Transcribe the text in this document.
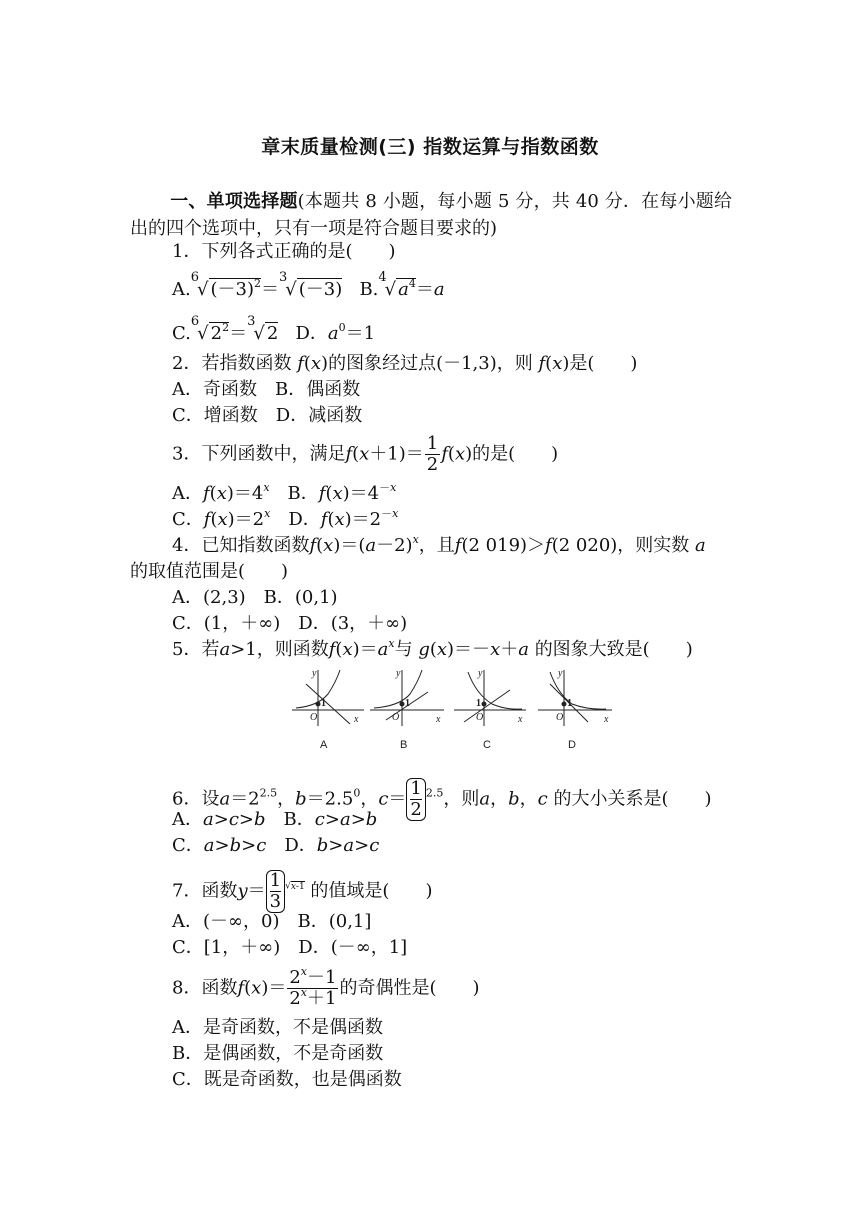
章末质量检测(三) 指数运算与指数函数
一、单项选择题(本题共 8 小题，每小题 5 分，共 40 分．在每小题给出的四个选项中，只有一项是符合题目要求的)
1．下列各式正确的是(　　)
A.$^6$√ $(-3)^2=^3√$ (－3) B.$^4$√ $a^4=a$
C.$^6$√ $2^2=^3√$ 2 D．$a^0=1$
2．若指数函数 f(x)的图象经过点(－1,3)，则 f(x)是(　　)
A．奇函数　B．偶函数
C．增函数　D．减函数
3．下列函数中，满足$f(x+1)= \frac{1}{2} f(x)$的是(　　)
A．$f(x)=4^x$　B．$f(x)=4^{-x}$
C．$f(x)=2^x$　D．$f(x)=2^{-x}$
4．已知指数函数$f(x)=(a-2)^x$，且f(2 019)＞f(2 020)，则实数 a
的取值范围是(　　)
A．(2,3)　B．(0,1)
C．(1，＋∞)　D．(3，＋∞)
5．若a>1，则函数$f(x)=a^x$与 g(x)＝－x＋a 的图象大致是(　　)
y
x
y
x
y
x
y
x
O	O	O	O
1	1	1	1
A	B	C	D
6．设$a=2^{2.5}$，$b=2.5^0$，$c= \frac{1}{2} ^{2.5}$，则a，b，c 的大小关系是(　　)
A．a>c>b　B．c>a>b
C．a>b>c　D．b>a>c
7．函数$y= \frac{1}{3} ^{√x-1}$ 的值域是(　　)
A．(－∞，0)　B．(0,1]
C．[1，＋∞)　D．(－∞，1]
8．函数$f(x)= \frac{2^x-1}{2^x+1}$ 的奇偶性是(　　)
A．是奇函数，不是偶函数
B．是偶函数，不是奇函数
C．既是奇函数，也是偶函数
